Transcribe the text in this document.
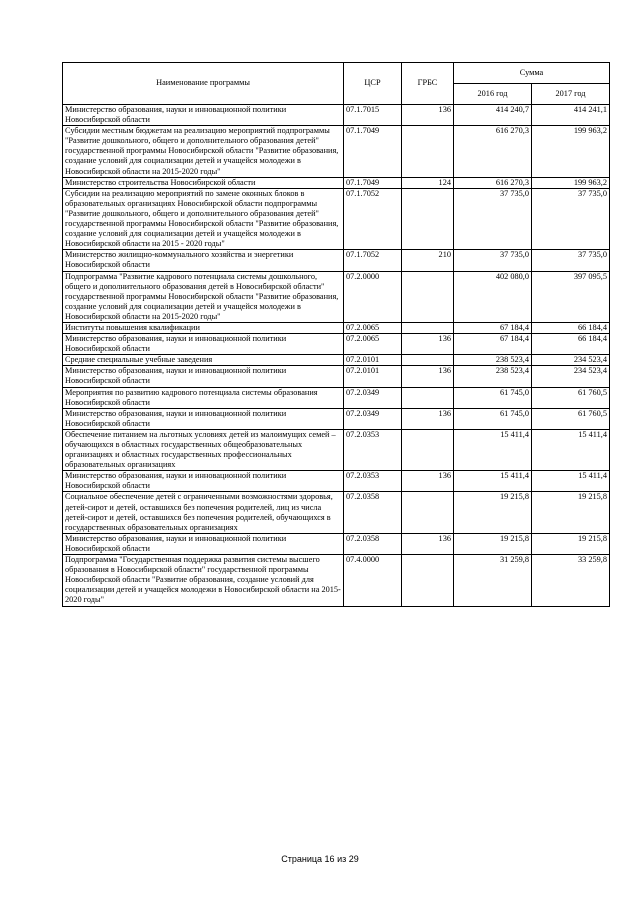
Наименование программы	ЦСР	ГРБС	Сумма	
			2016 год	2017 год
Министерство образования, науки и инновационной политики Новосибирской области	07.1.7015	136	414 240,7	414 241,1
Субсидии местным бюджетам на реализацию мероприятий подпрограммы "Развитие дошкольного, общего и дополнительного образования детей" государственной программы Новосибирской области "Развитие образования, создание условий для социализации детей и учащейся молодежи в Новосибирской области на 2015-2020 годы"	07.1.7049		616 270,3	199 963,2
Министерство строительства Новосибирской области	07.1.7049	124	616 270,3	199 963,2
Субсидии на реализацию мероприятий по замене оконных блоков в образовательных организациях Новосибирской области подпрограммы "Развитие дошкольного, общего и дополнительного образования детей" государственной программы Новосибирской области "Развитие образования, создание условий для социализации детей и учащейся молодежи в Новосибирской области на 2015 - 2020 годы"	07.1.7052		37 735,0	37 735,0
Министерство жилищно-коммунального хозяйства и энергетики Новосибирской области	07.1.7052	210	37 735,0	37 735,0
Подпрограмма "Развитие кадрового потенциала системы дошкольного, общего и дополнительного образования детей в Новосибирской области" государственной программы Новосибирской области "Развитие образования, создание условий для социализации детей и учащейся молодежи в Новосибирской области на 2015-2020 годы"	07.2.0000		402 080,0	397 095,5
Институты повышения квалификации	07.2.0065		67 184,4	66 184,4
Министерство образования, науки и инновационной политики Новосибирской области	07.2.0065	136	67 184,4	66 184,4
Средние специальные учебные заведения	07.2.0101		238 523,4	234 523,4
Министерство образования, науки и инновационной политики Новосибирской области	07.2.0101	136	238 523,4	234 523,4
Мероприятия по развитию кадрового потенциала системы образования Новосибирской области	07.2.0349		61 745,0	61 760,5
Министерство образования, науки и инновационной политики Новосибирской области	07.2.0349	136	61 745,0	61 760,5
Обеспечение питанием на льготных условиях детей из малоимущих семей – обучающихся в областных государственных общеобразовательных организациях и областных государственных профессиональных образовательных организациях	07.2.0353		15 411,4	15 411,4
Министерство образования, науки и инновационной политики Новосибирской области	07.2.0353	136	15 411,4	15 411,4
Социальное обеспечение детей с ограниченными возможностями здоровья, детей-сирот и детей, оставшихся без попечения родителей, лиц из числа детей-сирот и детей, оставшихся без попечения родителей, обучающихся в государственных образовательных организациях	07.2.0358		19 215,8	19 215,8
Министерство образования, науки и инновационной политики Новосибирской области	07.2.0358	136	19 215,8	19 215,8
Подпрограмма "Государственная поддержка развития системы высшего образования в Новосибирской области" государственной программы Новосибирской области "Развитие образования, создание условий для социализации детей и учащейся молодежи в Новосибирской области на 2015-2020 годы"	07.4.0000		31 259,8	33 259,8
Страница 16 из 29
